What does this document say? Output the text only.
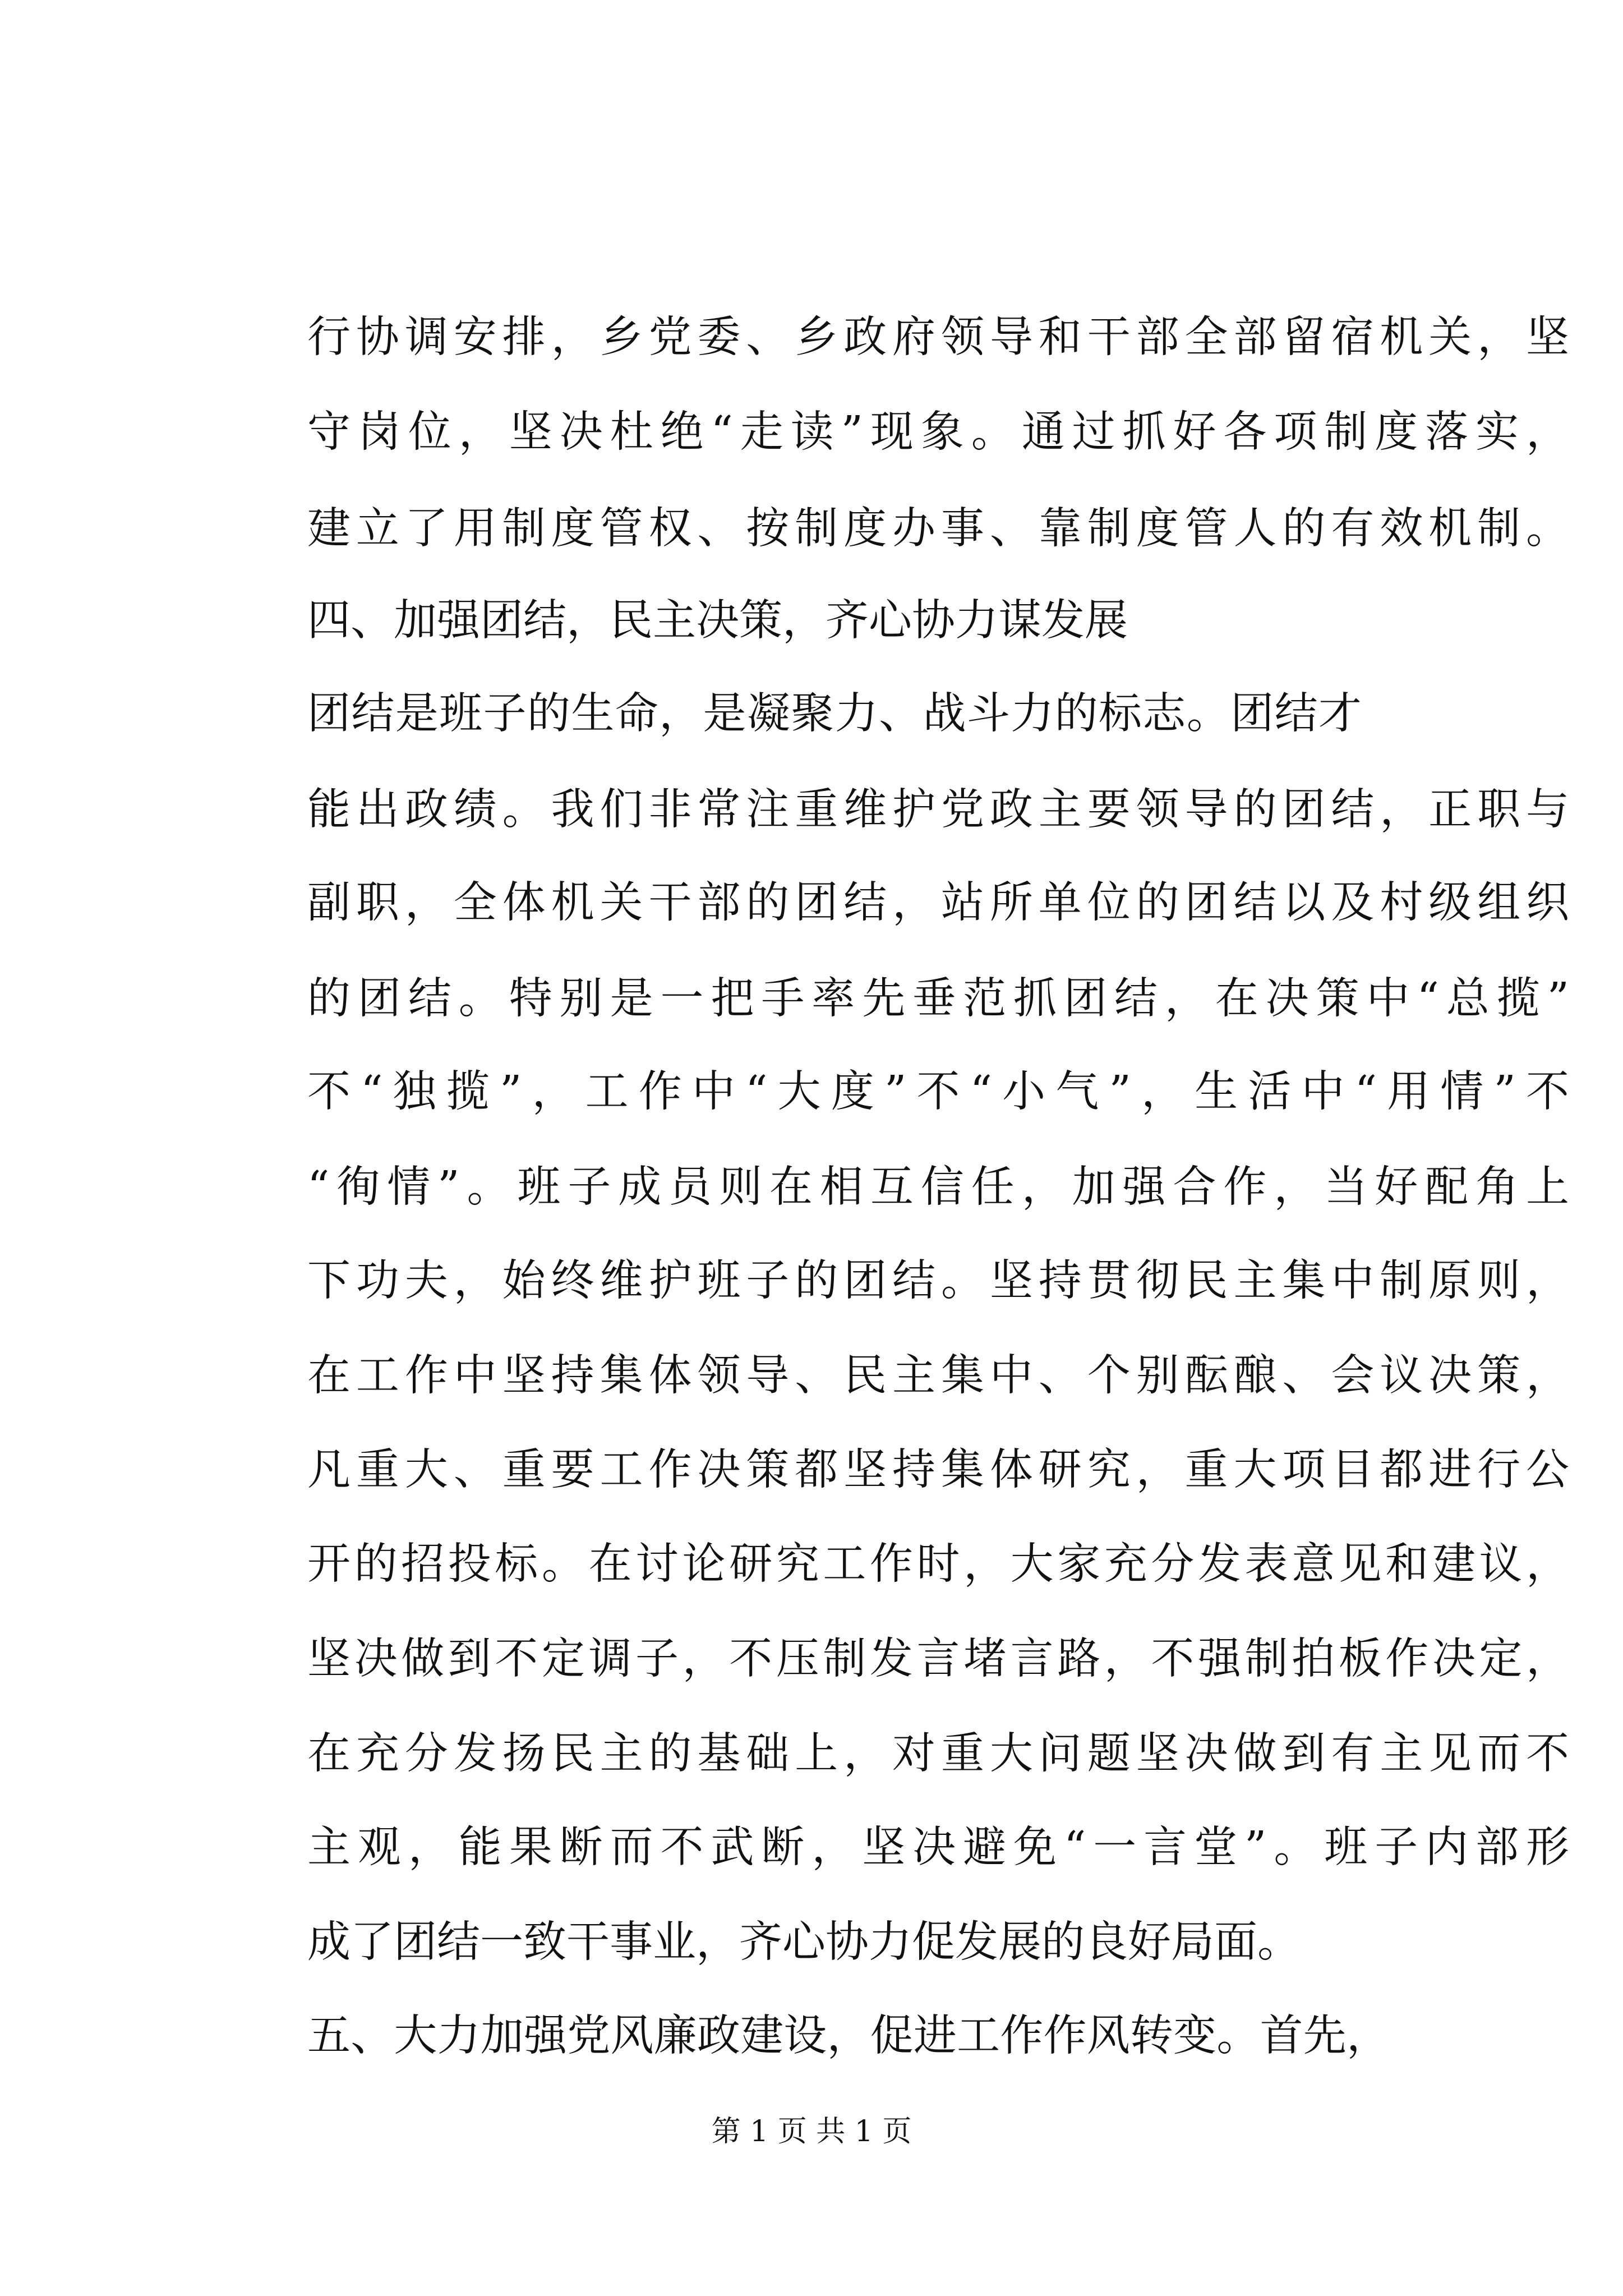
行协调安排，乡党委、乡政府领导和干部全部留宿机关，坚
守岗位，坚决杜绝“走读”现象。通过抓好各项制度落实，
建立了用制度管权、按制度办事、靠制度管人的有效机制。
四、加强团结，民主决策，齐心协力谋发展
团结是班子的生命，是凝聚力、战斗力的标志。团结才
能出政绩。我们非常注重维护党政主要领导的团结，正职与
副职，全体机关干部的团结，站所单位的团结以及村级组织
的团结。特别是一把手率先垂范抓团结，在决策中“总揽”
不“独揽”，工作中“大度”不“小气”，生活中“用情”不
“徇情”。班子成员则在相互信任，加强合作，当好配角上
下功夫，始终维护班子的团结。坚持贯彻民主集中制原则，
在工作中坚持集体领导、民主集中、个别酝酿、会议决策，
凡重大、重要工作决策都坚持集体研究，重大项目都进行公
开的招投标。在讨论研究工作时，大家充分发表意见和建议，
坚决做到不定调子，不压制发言堵言路，不强制拍板作决定，
在充分发扬民主的基础上，对重大问题坚决做到有主见而不
主观，能果断而不武断，坚决避免“一言堂”。班子内部形
成了团结一致干事业，齐心协力促发展的良好局面。
五、大力加强党风廉政建设，促进工作作风转变。首先，
第 1 页 共 1 页
